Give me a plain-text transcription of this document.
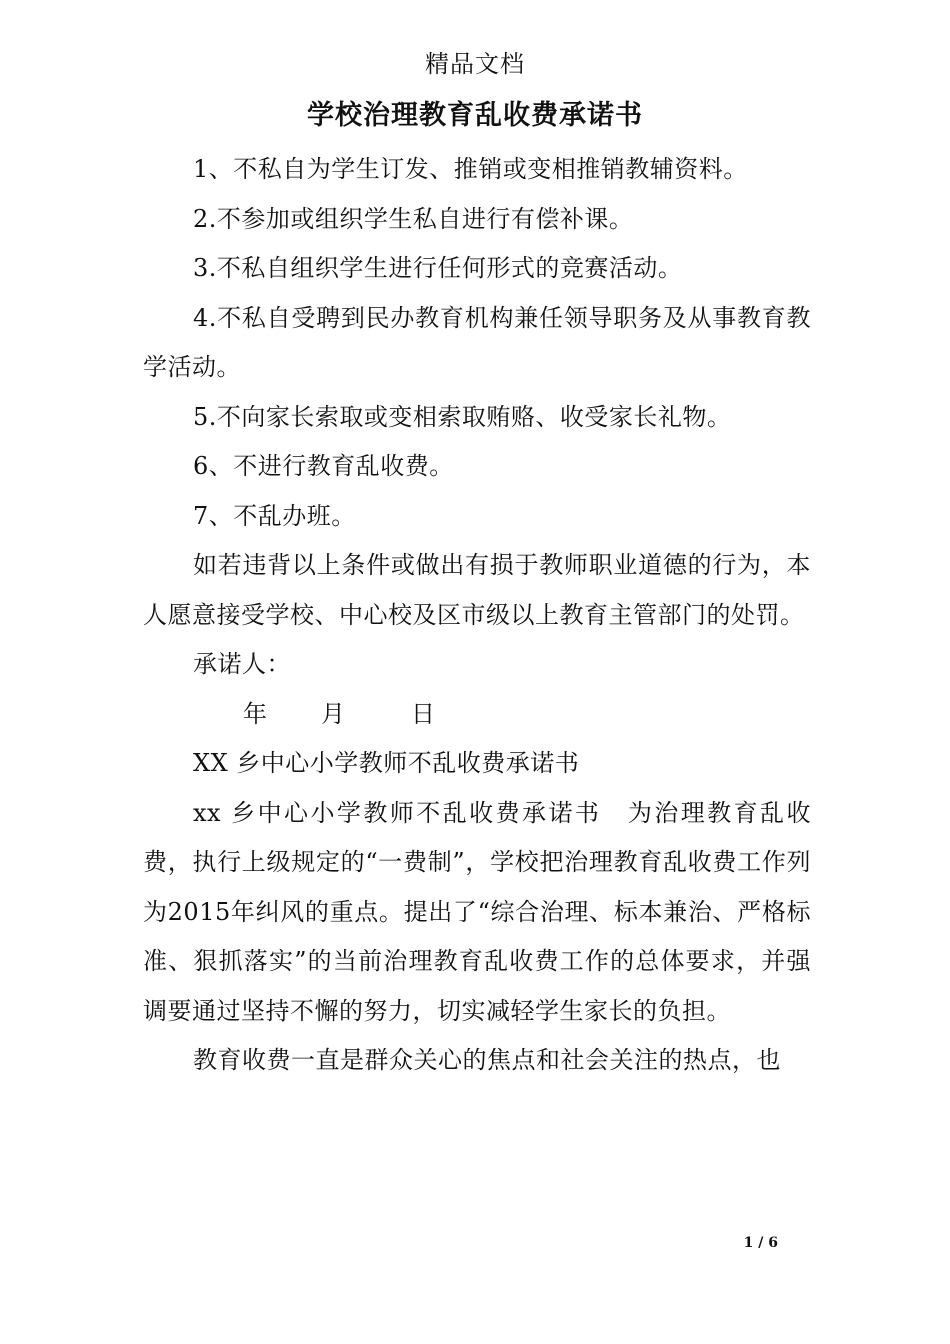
精品文档
学校治理教育乱收费承诺书

1、不私自为学生订发、推销或变相推销教辅资料。

2.不参加或组织学生私自进行有偿补课。

3.不私自组织学生进行任何形式的竞赛活动。

4.不私自受聘到民办教育机构兼任领导职务及从事教育教学活动。

5.不向家长索取或变相索取贿赂、收受家长礼物。

6、不进行教育乱收费。

7、不乱办班。

如若违背以上条件或做出有损于教师职业道德的行为，本人愿意接受学校、中心校及区市级以上教育主管部门的处罚。

承诺人：

年 月	日

XX 乡中心小学教师不乱收费承诺书

xx 乡中心小学教师不乱收费承诺书　为治理教育乱收费，执行上级规定的“一费制”，学校把治理教育乱收费工作列为2015年纠风的重点。提出了“综合治理、标本兼治、严格标准、狠抓落实”的当前治理教育乱收费工作的总体要求，并强调要通过坚持不懈的努力，切实减轻学生家长的负担。

教育收费一直是群众关心的焦点和社会关注的热点，也

1 / 6
